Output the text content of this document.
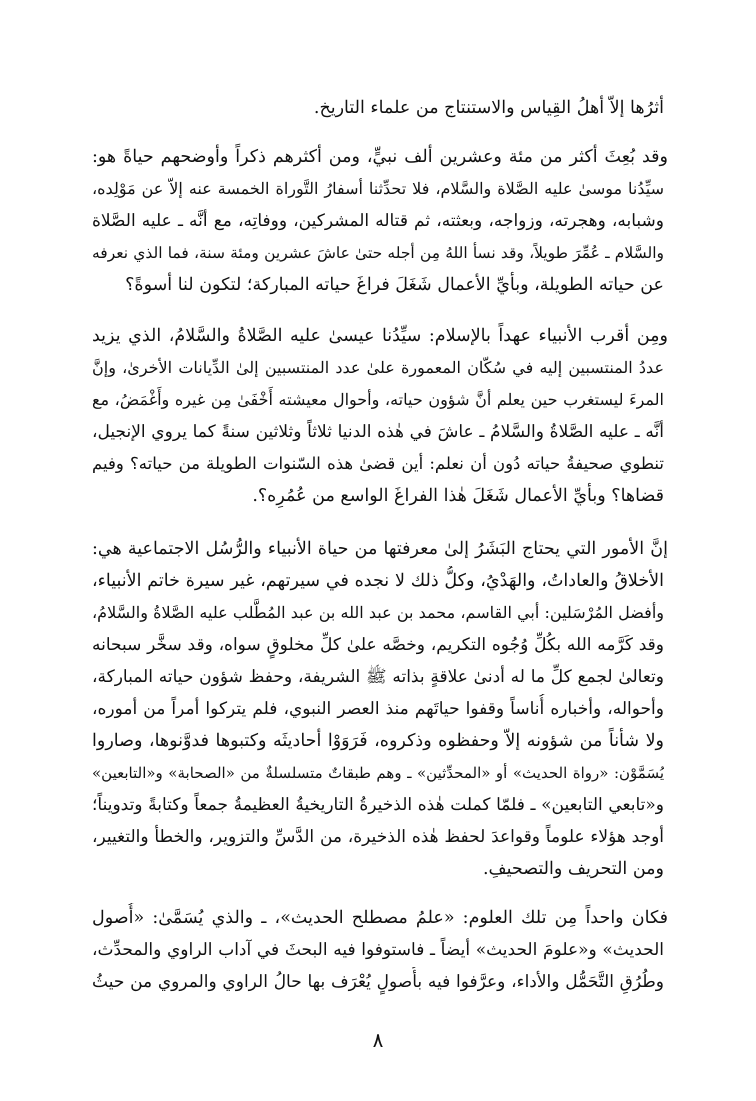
أثرُها إلاّ أهلُ القِياس والاستنتاج من علماء التاريخ.
وقد بُعِثَ أكثر من مئة وعشرين ألف نبيٍّ، ومن أكثرهم ذكراً وأوضحهم حياةً هو:
سيِّدُنا موسىٰ عليه الصَّلاة والسَّلام، فلا تحدِّثنا أسفارُ التَّوراة الخمسة عنه إلاّ عن مَوْلِده،
وشبابه، وهجرته، وزواجه، وبعثته، ثم قتاله المشركين، ووفاتِه، مع أنَّه ـ عليه الصَّلاة
والسَّلام ـ عُمِّرَ طويلاً، وقد نسأ اللهُ مِن أجله حتىٰ عاشَ عشرين ومئة سنة، فما الذي نعرفه
عن حياته الطويلة، وبأيِّ الأعمال شَغَلَ فراغَ حياته المباركة؛ لتكون لنا أسوةً؟
ومِن أقرب الأنبياء عهداً بالإسلام: سيِّدُنا عيسىٰ عليه الصَّلاةُ والسَّلامُ، الذي يزيد
عددُ المنتسبين إليه في سُكّان المعمورة علىٰ عدد المنتسبين إلىٰ الدِّيانات الأخرىٰ، وإنَّ
المرءَ ليستغرب حين يعلم أنَّ شؤون حياته، وأحوال معيشته أَخْفَىٰ مِن غيره وأَغْمَضُ، مع
أنَّه ـ عليه الصَّلاةُ والسَّلامُ ـ عاشَ في هٰذه الدنيا ثلاثاً وثلاثين سنةً كما يروي الإنجيل،
تنطوي صحيفةُ حياته دُون أن نعلم: أين قضىٰ هذه السّنوات الطويلة من حياته؟ وفيم
قضاها؟ وبأيِّ الأعمال شَغَلَ هٰذا الفراغَ الواسع من عُمُرِه؟.
إنَّ الأمور التي يحتاج البَشَرُ إلىٰ معرفتها من حياة الأنبياء والرُّسُل الاجتماعية هي:
الأخلاقُ والعاداتُ، والهَدْيُ، وكلُّ ذلك لا نجده في سيرتهم، غير سيرة خاتم الأنبياء،
وأفضل المُرْسَلين: أبي القاسم، محمد بن عبد الله بن عبد المُطَّلب عليه الصَّلاةُ والسَّلامُ،
وقد كَرَّمه الله بكُلِّ وُجُوه التكريم، وخصَّه علىٰ كلِّ مخلوقٍ سواه، وقد سخَّر سبحانه
وتعالىٰ لجمع كلِّ ما له أدنىٰ علاقةٍ بذاته ﷺ الشريفة، وحفظ شؤون حياته المباركة،
وأحواله، وأخباره أُناساً وقفوا حياتَهم منذ العصر النبوي، فلم يتركوا أمراً من أموره،
ولا شأناً من شؤونه إلاّ وحفظوه وذكروه، فَرَوَوْا أحاديثَه وكتبوها فدوَّنوها، وصاروا
يُسَمَّوْن: «رواة الحديث» أو «المحدِّثين» ـ وهم طبقاتٌ متسلسلةٌ من «الصحابة» و«التابعين»
و«تابعي التابعين» ـ فلمّا كملت هٰذه الذخيرةُ التاريخيةُ العظيمةُ جمعاً وكتابةً وتدويناً؛
أوجد هؤلاء علوماً وقواعدَ لحفظ هٰذه الذخيرة، من الدَّسِّ والتزوير، والخطأ والتغيير،
ومن التحريف والتصحيفِ.
فكان واحداً مِن تلك العلوم: «علمُ مصطلح الحديث»، ـ والذي يُسَمَّىٰ: «أُصول
الحديث» و«علومَ الحديث» أيضاً ـ فاستوفوا فيه البحثَ في آداب الراوي والمحدِّث،
وطُرُقِ التَّحَمُّل والأداء، وعرَّفوا فيه بأُصولٍ يُعْرَف بها حالُ الراوي والمروي من حيثُ
٨
